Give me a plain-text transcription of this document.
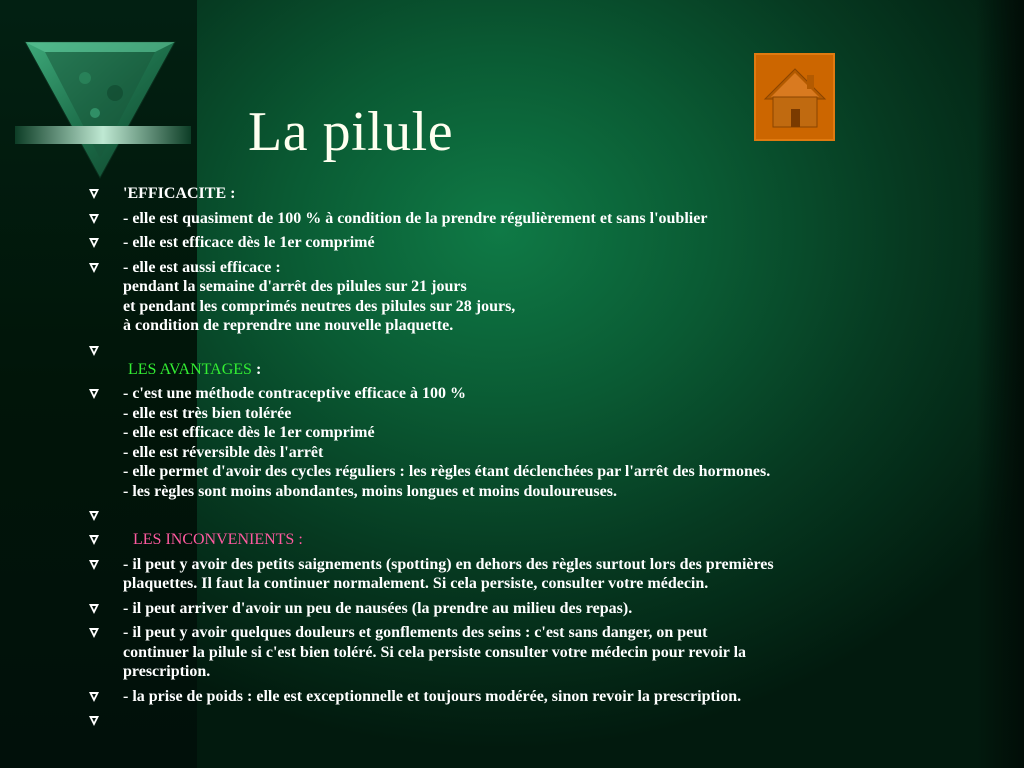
La pilule
'EFFICACITE :
- elle est quasiment de 100 % à condition de la prendre régulièrement et sans l'oublier
- elle est efficace dès le 1er comprimé
- elle est aussi efficace :
pendant la semaine d'arrêt des pilules sur 21 jours
et pendant les comprimés neutres des pilules sur 28 jours,
à condition de reprendre une nouvelle plaquette.
LES AVANTAGES :
- c'est une méthode contraceptive efficace à 100 %
- elle est très bien tolérée
- elle est efficace dès le 1er comprimé
- elle est réversible dès l'arrêt
- elle permet d'avoir des cycles réguliers : les règles étant déclenchées par l'arrêt des hormones.
- les règles sont moins abondantes, moins longues et moins douloureuses.
LES INCONVENIENTS :
- il peut y avoir des petits saignements (spotting) en dehors des règles surtout lors des premières
plaquettes. Il faut la continuer normalement. Si cela persiste, consulter votre médecin.
- il peut arriver d'avoir un peu de nausées (la prendre au milieu des repas).
- il peut y avoir quelques douleurs et gonflements des seins : c'est sans danger, on peut
continuer la pilule si c'est bien toléré. Si cela persiste consulter votre médecin pour revoir la
prescription.
- la prise de poids : elle est exceptionnelle et toujours modérée, sinon revoir la prescription.
